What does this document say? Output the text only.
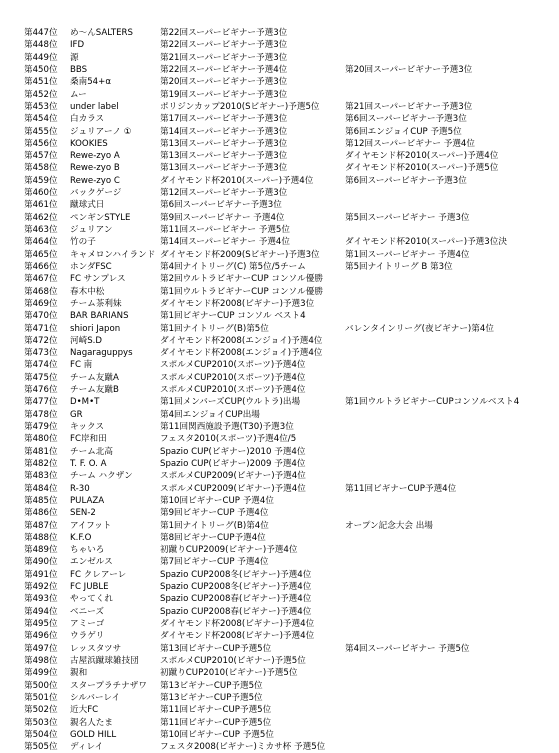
第447位	め～んSALTERS	第22回スーパービギナー予選3位
第448位	IFD	第22回スーパービギナー予選3位
第449位	源	第21回スーパービギナー予選3位
第450位	BBS	第22回スーパービギナー予選4位	第20回スーパービギナー予選3位
第451位	桑南54+α	第20回スーパービギナー予選3位
第452位	ムー	第19回スーパービギナー予選3位
第453位	under label	ポリジンカップ2010(Sビギナー)予選5位	第21回スーパービギナー予選3位
第454位	白カラス	第17回スーパービギナー予選3位	第6回スーパービギナー予選3位
第455位	ジュリアーノ ①	第14回スーパービギナー予選3位	第6回エンジョイCUP 予選5位
第456位	KOOKIES	第13回スーパービギナー予選3位	第12回スーパービギナー 予選4位
第457位	Rewe-zyo A	第13回スーパービギナー予選3位	ダイヤモンド杯2010(スーパー)予選4位
第458位	Rewe-zyo B	第13回スーパービギナー予選3位	ダイヤモンド杯2010(スーパー)予選5位
第459位	Rewe-zyo C	ダイヤモンド杯2010(スーパー)予選4位	第6回スーパービギナー予選3位
第460位	バックゲージ	第12回スーパービギナー予選3位
第461位	蹴球式日	第6回スーパービギナー予選3位
第462位	ペンギンSTYLE	第9回スーパービギナー 予選4位	第5回スーパービギナー 予選3位
第463位	ジュリアン	第11回スーパービギナー 予選5位
第464位	竹の子	第14回スーパービギナー 予選4位	ダイヤモンド杯2010(スーパー)予選3位決
第465位	キャメロンハイランド ダイヤモンド杯2009(Sビギナー)予選3位	第1回スーパービギナー 予選4位
第466位	ホンダFSC	第4回ナイトリーグ(C) 第5位/5チーム	第5回ナイトリーグ B 第3位
第467位	FC サンプレス	第2回ウルトラビギナーCUP コンソル優勝
第468位	春木中松	第1回ウルトラビギナーCUP コンソル優勝
第469位	チーム茶利妹	ダイヤモンド杯2008(ビギナー)予選3位
第470位	BAR BARIANS	第1回ビギナーCUP コンソル ベスト4
第471位	shiori Japon	第1回ナイトリーグ(B)第5位	バレンタインリーグ(夜ビギナー)第4位
第472位	河崎S.D	ダイヤモンド杯2008(エンジョイ)予選4位
第473位	Nagaraguppys	ダイヤモンド杯2008(エンジョイ)予選4位
第474位	FC 南	スポルメCUP2010(スポーツ)予選4位
第475位	チーム友蹴A	スポルメCUP2010(スポーツ)予選4位
第476位	チーム友蹴B	スポルメCUP2010(スポーツ)予選4位
第477位	D•M•T	第1回メンバーズCUP(ウルトラ)出場	第1回ウルトラビギナーCUPコンソルベスト4
第478位	GR	第4回エンジョイCUP出場
第479位	キックス	第11回関西施設予選(T30)予選3位
第480位	FC岸和田	フェスタ2010(スポーツ)予選4位/5
第481位	チーム北高	Spazio CUP(ビギナー)2010 予選4位
第482位	T. F. O. A	Spazio CUP(ビギナー)2009 予選4位
第483位	チーム ハクザン	スポルメCUP2009(ビギナー)予選4位
第484位	R-30	スポルメCUP2009(ビギナー)予選4位	第11回ビギナーCUP予選4位
第485位	PULAZA	第10回ビギナーCUP 予選4位
第486位	SEN-2	第9回ビギナーCUP 予選4位
第487位	アイフット	第1回ナイトリーグ(B)第4位	オープン記念大会 出場
第488位	K.F.O	第8回ビギナーCUP予選4位
第489位	ちゃいろ	初蹴りCUP2009(ビギナー)予選4位
第490位	エンゼルス	第7回ビギナーCUP 予選4位
第491位	FC クレアーレ	Spazio CUP2008冬(ビギナー)予選4位
第492位	FC JUBLE	Spazio CUP2008冬(ビギナー)予選4位
第493位	やってくれ	Spazio CUP2008春(ビギナー)予選4位
第494位	ベニーズ	Spazio CUP2008春(ビギナー)予選4位
第495位	アミーゴ	ダイヤモンド杯2008(ビギナー)予選4位
第496位	ウラゲリ	ダイヤモンド杯2008(ビギナー)予選4位
第497位	レッスタツサ	第13回ビギナーCUP予選5位	第4回スーパービギナー 予選5位
第498位	古屋浜蹴球雑技団	スポルメCUP2010(ビギナー)予選5位
第499位	親和	初蹴りCUP2010(ビギナー)予選5位
第500位	スタープラチナザワ	第13ビギナーCUP予選5位
第501位	シルバーレイ	第13ビギナーCUP予選5位
第502位	近大FC	第11回ビギナーCUP予選5位
第503位	親名人たま	第11回ビギナーCUP予選5位
第504位	GOLD HILL	第10回ビギナーCUP 予選5位
第505位	ディレイ	フェスタ2008(ビギナー)ミカサ杯 予選5位
